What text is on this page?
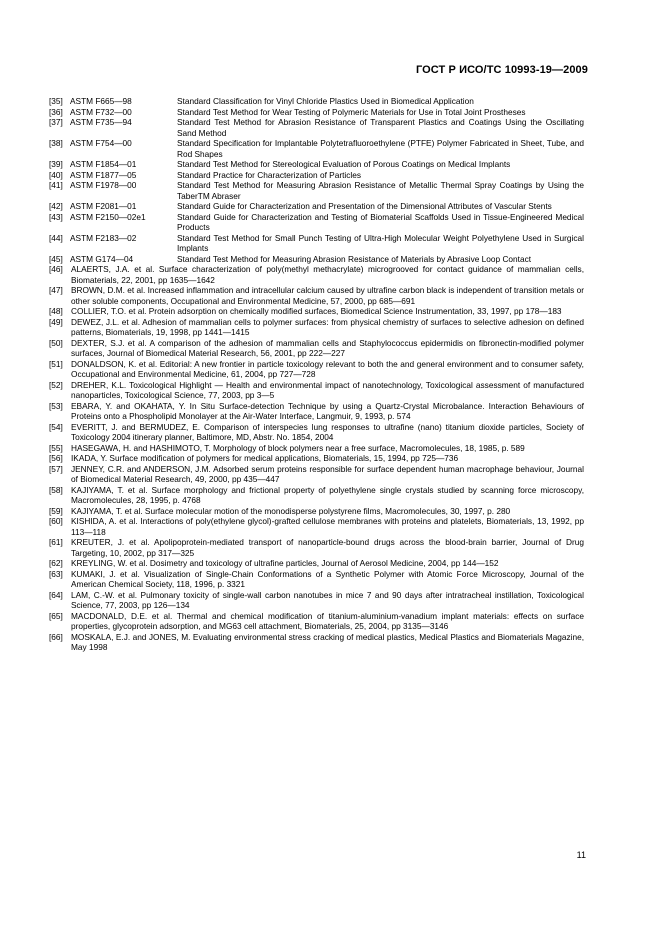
ГОСТ Р ИСО/ТС 10993-19—2009
[35] ASTM F665—98	Standard Classification for Vinyl Chloride Plastics Used in Biomedical Application
[36] ASTM F732—00	Standard Test Method for Wear Testing of Polymeric Materials for Use in Total Joint Prostheses
[37] ASTM F735—94	Standard Test Method for Abrasion Resistance of Transparent Plastics and Coatings Using the Oscillating Sand Method
[38] ASTM F754—00	Standard Specification for Implantable Polytetrafluoroethylene (PTFE) Polymer Fabricated in Sheet, Tube, and Rod Shapes
[39] ASTM F1854—01	Standard Test Method for Stereological Evaluation of Porous Coatings on Medical Implants
[40] ASTM F1877—05	Standard Practice for Characterization of Particles
[41] ASTM F1978—00	Standard Test Method for Measuring Abrasion Resistance of Metallic Thermal Spray Coatings by Using the TaberTM Abraser
[42] ASTM F2081—01	Standard Guide for Characterization and Presentation of the Dimensional Attributes of Vascular Stents
[43] ASTM F2150—02e1	Standard Guide for Characterization and Testing of Biomaterial Scaffolds Used in Tissue-Engineered Medical Products
[44] ASTM F2183—02	Standard Test Method for Small Punch Testing of Ultra-High Molecular Weight Polyethylene Used in Surgical Implants
[45] ASTM G174—04	Standard Test Method for Measuring Abrasion Resistance of Materials by Abrasive Loop Contact
[46] ALAERTS, J.A. et al. Surface characterization of poly(methyl methacrylate) microgrooved for contact guidance of mammalian cells, Biomaterials, 22, 2001, pp 1635—1642
[47] BROWN, D.M. et al. Increased inflammation and intracellular calcium caused by ultrafine carbon black is independent of transition metals or other soluble components, Occupational and Environmental Medicine, 57, 2000, pp 685—691
[48] COLLIER, T.O. et al. Protein adsorption on chemically modified surfaces, Biomedical Science Instrumentation, 33, 1997, pp 178—183
[49] DEWEZ, J.L. et al. Adhesion of mammalian cells to polymer surfaces: from physical chemistry of surfaces to selective adhesion on defined patterns, Biomaterials, 19, 1998, pp 1441—1415
[50] DEXTER, S.J. et al. A comparison of the adhesion of mammalian cells and Staphylococcus epidermidis on fibronectin-modified polymer surfaces, Journal of Biomedical Material Research, 56, 2001, pp 222—227
[51] DONALDSON, K. et al. Editorial: A new frontier in particle toxicology relevant to both the and general environment and to consumer safety, Occupational and Environmental Medicine, 61, 2004, pp 727—728
[52] DREHER, K.L. Toxicological Highlight — Health and environmental impact of nanotechnology, Toxicological assessment of manufactured nanoparticles, Toxicological Science, 77, 2003, pp 3—5
[53] EBARA, Y. and OKAHATA, Y. In Situ Surface-detection Technique by using a Quartz-Crystal Microbalance. Interaction Behaviours of Proteins onto a Phospholipid Monolayer at the Air-Water Interface, Langmuir, 9, 1993, p. 574
[54] EVERITT, J. and BERMUDEZ, E. Comparison of interspecies lung responses to ultrafine (nano) titanium dioxide particles, Society of Toxicology 2004 itinerary planner, Baltimore, MD, Abstr. No. 1854, 2004
[55] HASEGAWA, H. and HASHIMOTO, T. Morphology of block polymers near a free surface, Macromolecules, 18, 1985, p. 589
[56] IKADA, Y. Surface modification of polymers for medical applications, Biomaterials, 15, 1994, pp 725—736
[57] JENNEY, C.R. and ANDERSON, J.M. Adsorbed serum proteins responsible for surface dependent human macrophage behaviour, Journal of Biomedical Material Research, 49, 2000, pp 435—447
[58] KAJIYAMA, T. et al. Surface morphology and frictional property of polyethylene single crystals studied by scanning force microscopy, Macromolecules, 28, 1995, p. 4768
[59] KAJIYAMA, T. et al. Surface molecular motion of the monodisperse polystyrene films, Macromolecules, 30, 1997, p. 280
[60] KISHIDA, A. et al. Interactions of poly(ethylene glycol)-grafted cellulose membranes with proteins and platelets, Biomaterials, 13, 1992, pp 113—118
[61] KREUTER, J. et al. Apolipoprotein-mediated transport of nanoparticle-bound drugs across the blood-brain barrier, Journal of Drug Targeting, 10, 2002, pp 317—325
[62] KREYLING, W. et al. Dosimetry and toxicology of ultrafine particles, Journal of Aerosol Medicine, 2004, pp 144—152
[63] KUMAKI, J. et al. Visualization of Single-Chain Conformations of a Synthetic Polymer with Atomic Force Microscopy, Journal of the American Chemical Society, 118, 1996, p. 3321
[64] LAM, C.-W. et al. Pulmonary toxicity of single-wall carbon nanotubes in mice 7 and 90 days after intratracheal instillation, Toxicological Science, 77, 2003, pp 126—134
[65] MACDONALD, D.E. et al. Thermal and chemical modification of titanium-aluminium-vanadium implant materials: effects on surface properties, glycoprotein adsorption, and MG63 cell attachment, Biomaterials, 25, 2004, pp 3135—3146
[66] MOSKALA, E.J. and JONES, M. Evaluating environmental stress cracking of medical plastics, Medical Plastics and Biomaterials Magazine, May 1998
11
